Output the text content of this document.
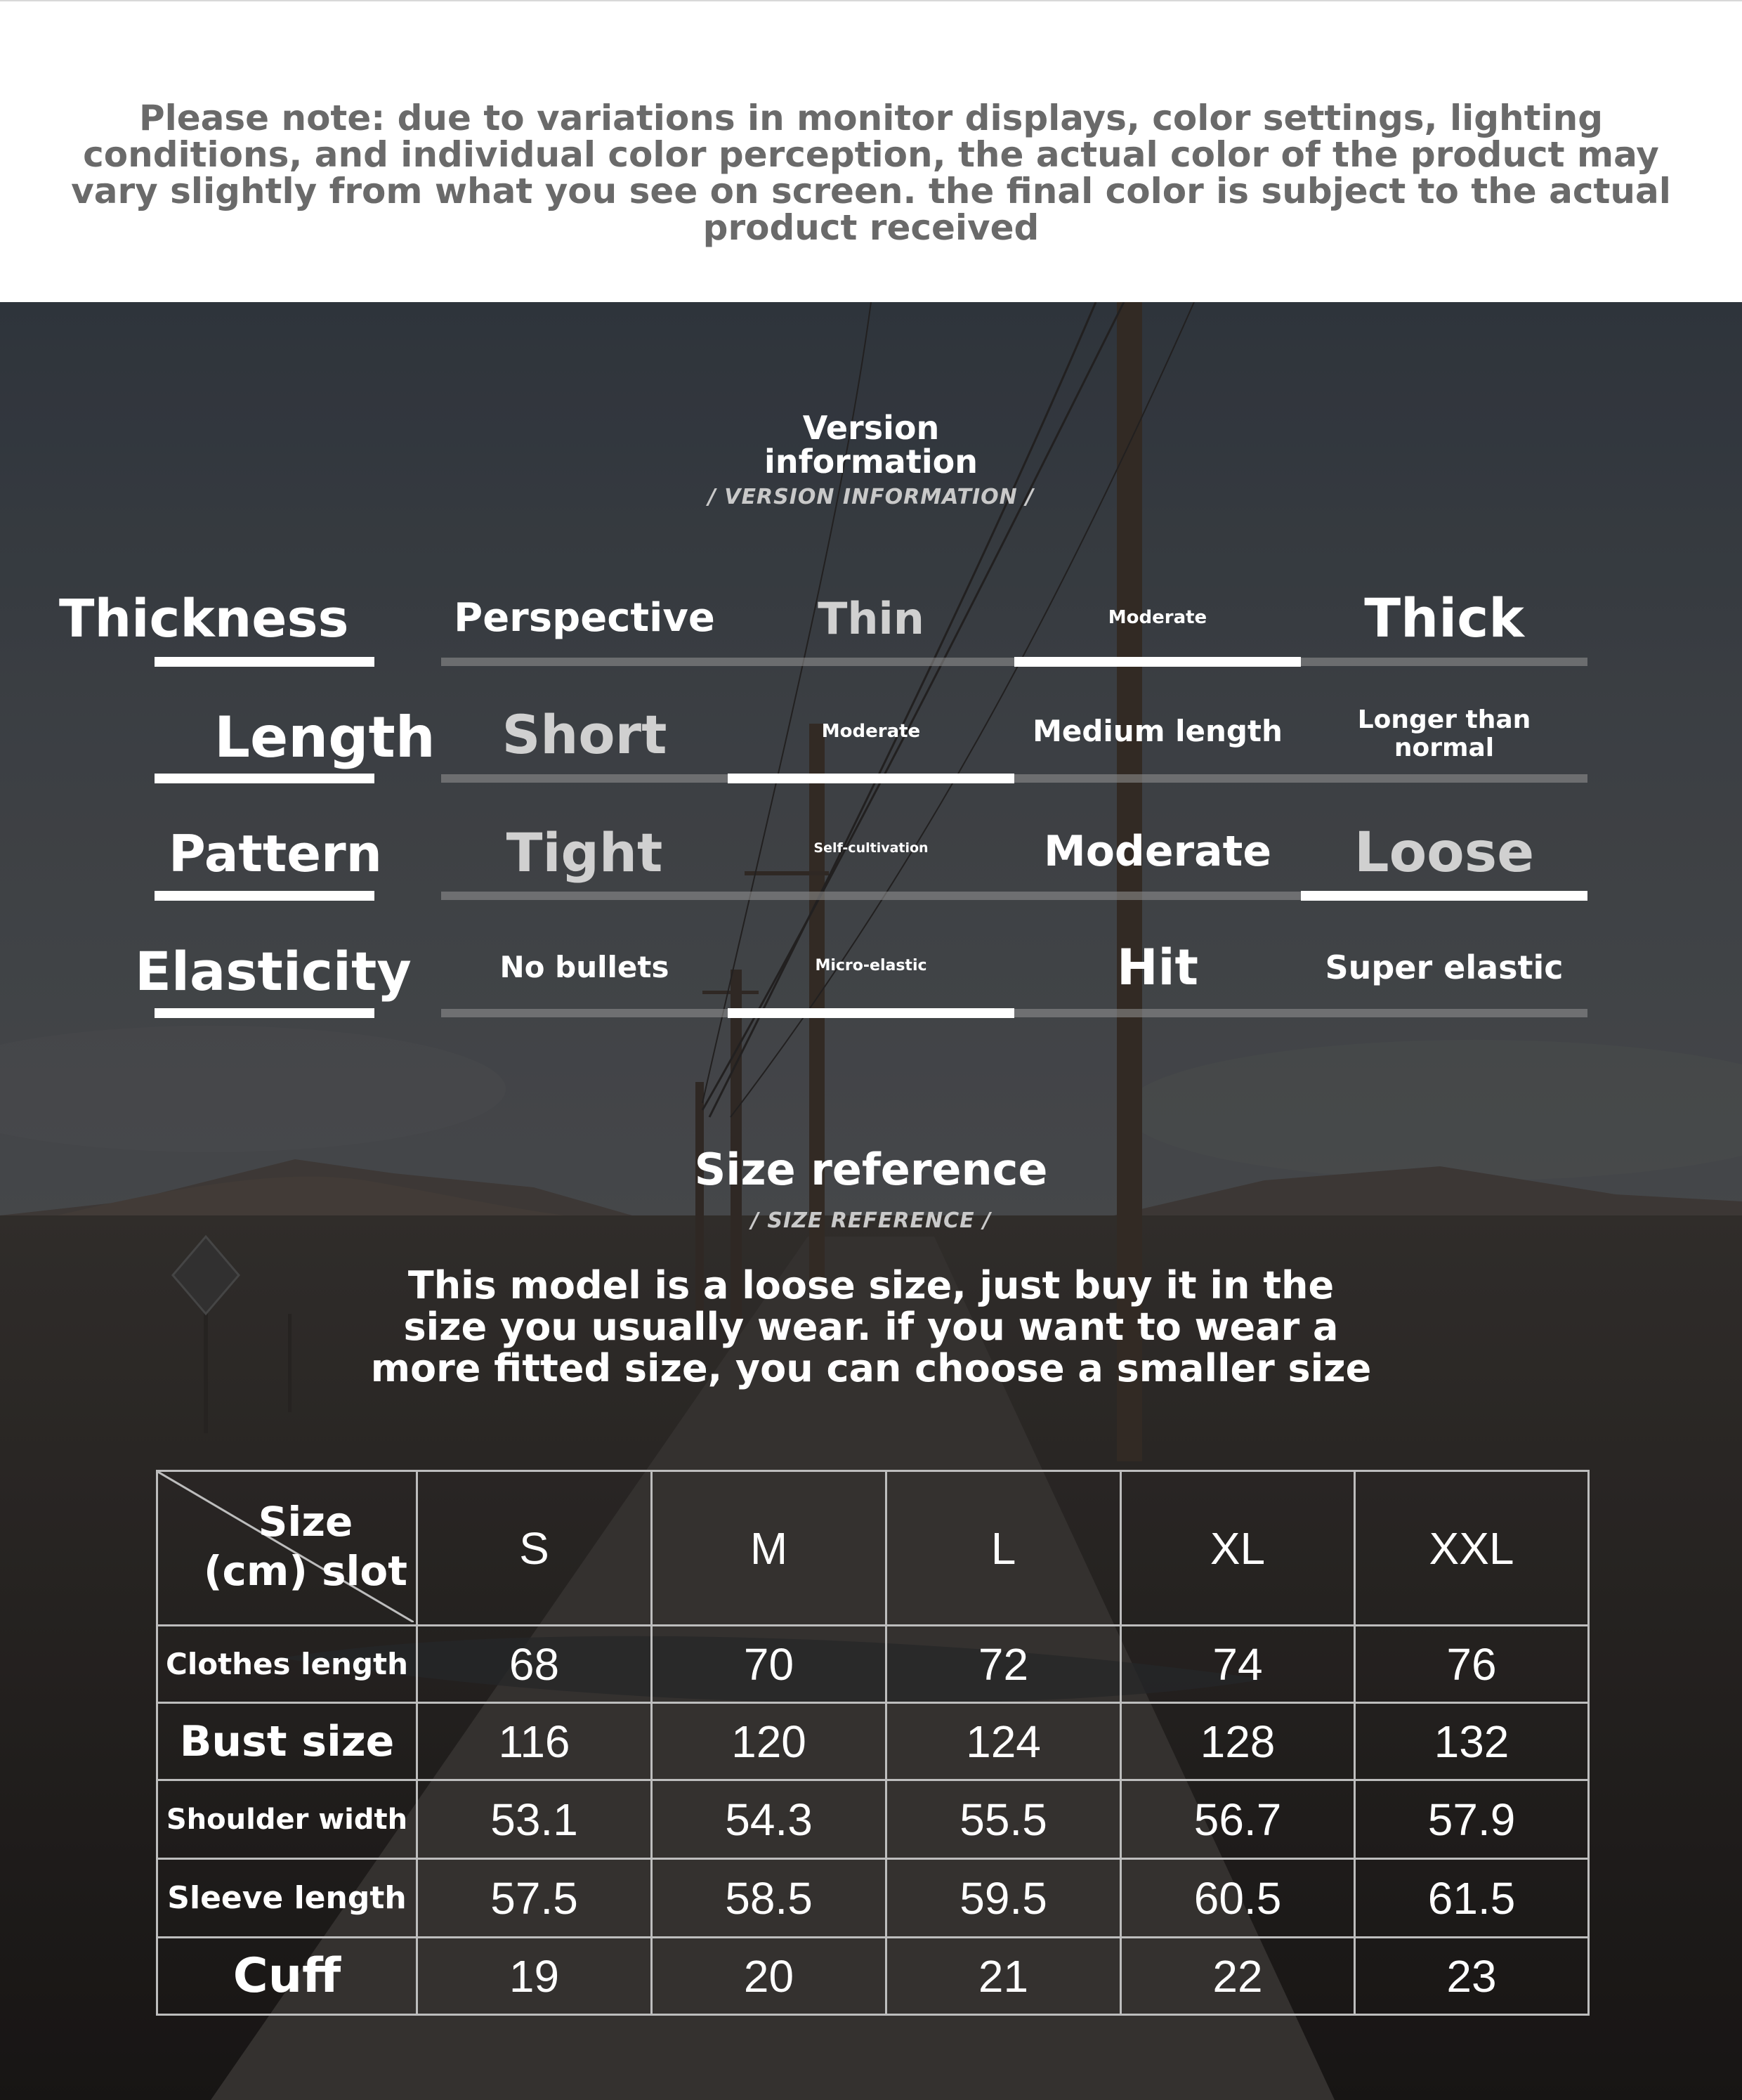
Please note: due to variations in monitor displays, color settings, lighting conditions, and individual color perception, the actual color of the product may vary slightly from what you see on screen. the final color is subject to the actual product received

Version
information
/ VERSION INFORMATION /
Thickness	Perspective	Thin	Moderate	Thick
Length	Short	Moderate	Medium length	Longer than
normal
Pattern	Tight	Self-cultivation	Moderate	Loose
Elasticity	No bullets	Micro-elastic	Hit	Super elastic
Size reference
/ SIZE REFERENCE /
This model is a loose size, just buy it in the
size you usually wear. if you want to wear a
more fitted size, you can choose a smaller size
Size
(cm) slot	S	M	L	XL	XXL
Clothes length	68	70	72	74	76
Bust size	116	120	124	128	132
Shoulder width	53.1	54.3	55.5	56.7	57.9
Sleeve length	57.5	58.5	59.5	60.5	61.5
Cuff	19	20	21	22	23
